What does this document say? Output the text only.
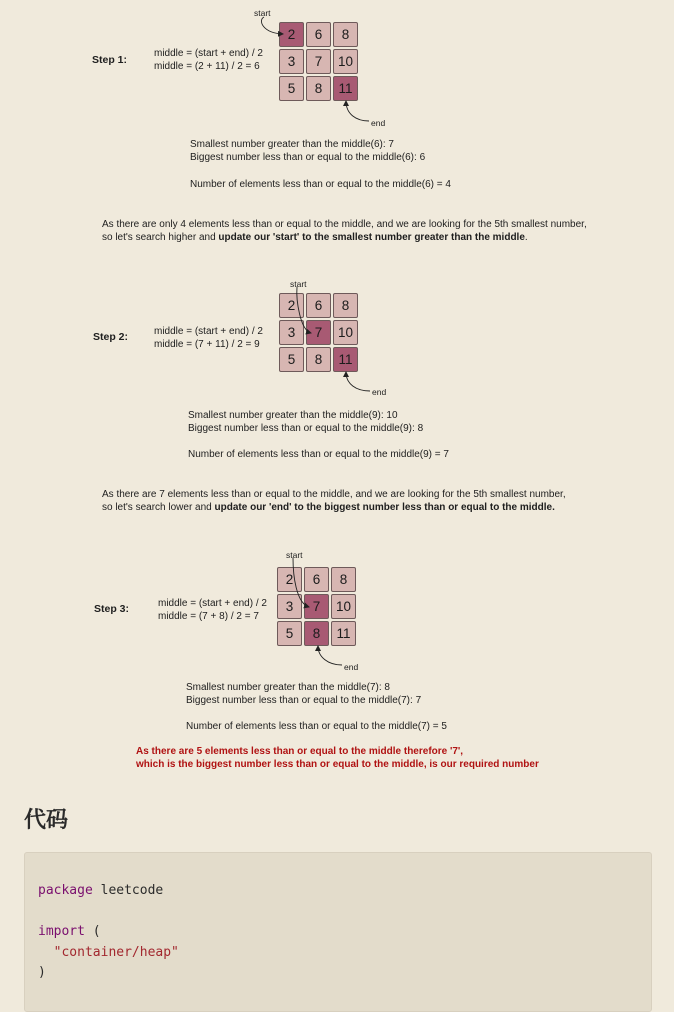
Step 1:
middle = (start + end) / 2
middle = (2 + 11) / 2 = 6
start
end
2	6	8
3	7	10
5	8	11
Smallest number greater than the middle(6): 7
Biggest number less than or equal to the middle(6): 6
Number of elements less than or equal to the middle(6) = 4
As there are only 4 elements less than or equal to the middle, and we are looking for the 5th smallest number,
so let's search higher and update our 'start' to the smallest number greater than the middle.
Step 2:	middle = (start + end) / 2
middle = (7 + 11) / 2 = 9
start
end
2	6	8
3	7	10
5	8	11
Smallest number greater than the middle(9): 10
Biggest number less than or equal to the middle(9): 8
Number of elements less than or equal to the middle(9) = 7
As there are 7 elements less than or equal to the middle, and we are looking for the 5th smallest number,
so let's search lower and update our 'end' to the biggest number less than or equal to the middle.
Step 3:	middle = (start + end) / 2
middle = (7 + 8) / 2 = 7
start
end
2	6	8
3	7	10
5	8	11
Smallest number greater than the middle(7): 8
Biggest number less than or equal to the middle(7): 7
Number of elements less than or equal to the middle(7) = 5
As there are 5 elements less than or equal to the middle therefore '7',
which is the biggest number less than or equal to the middle, is our required number
代码
package leetcode

import (
"container/heap"
)
